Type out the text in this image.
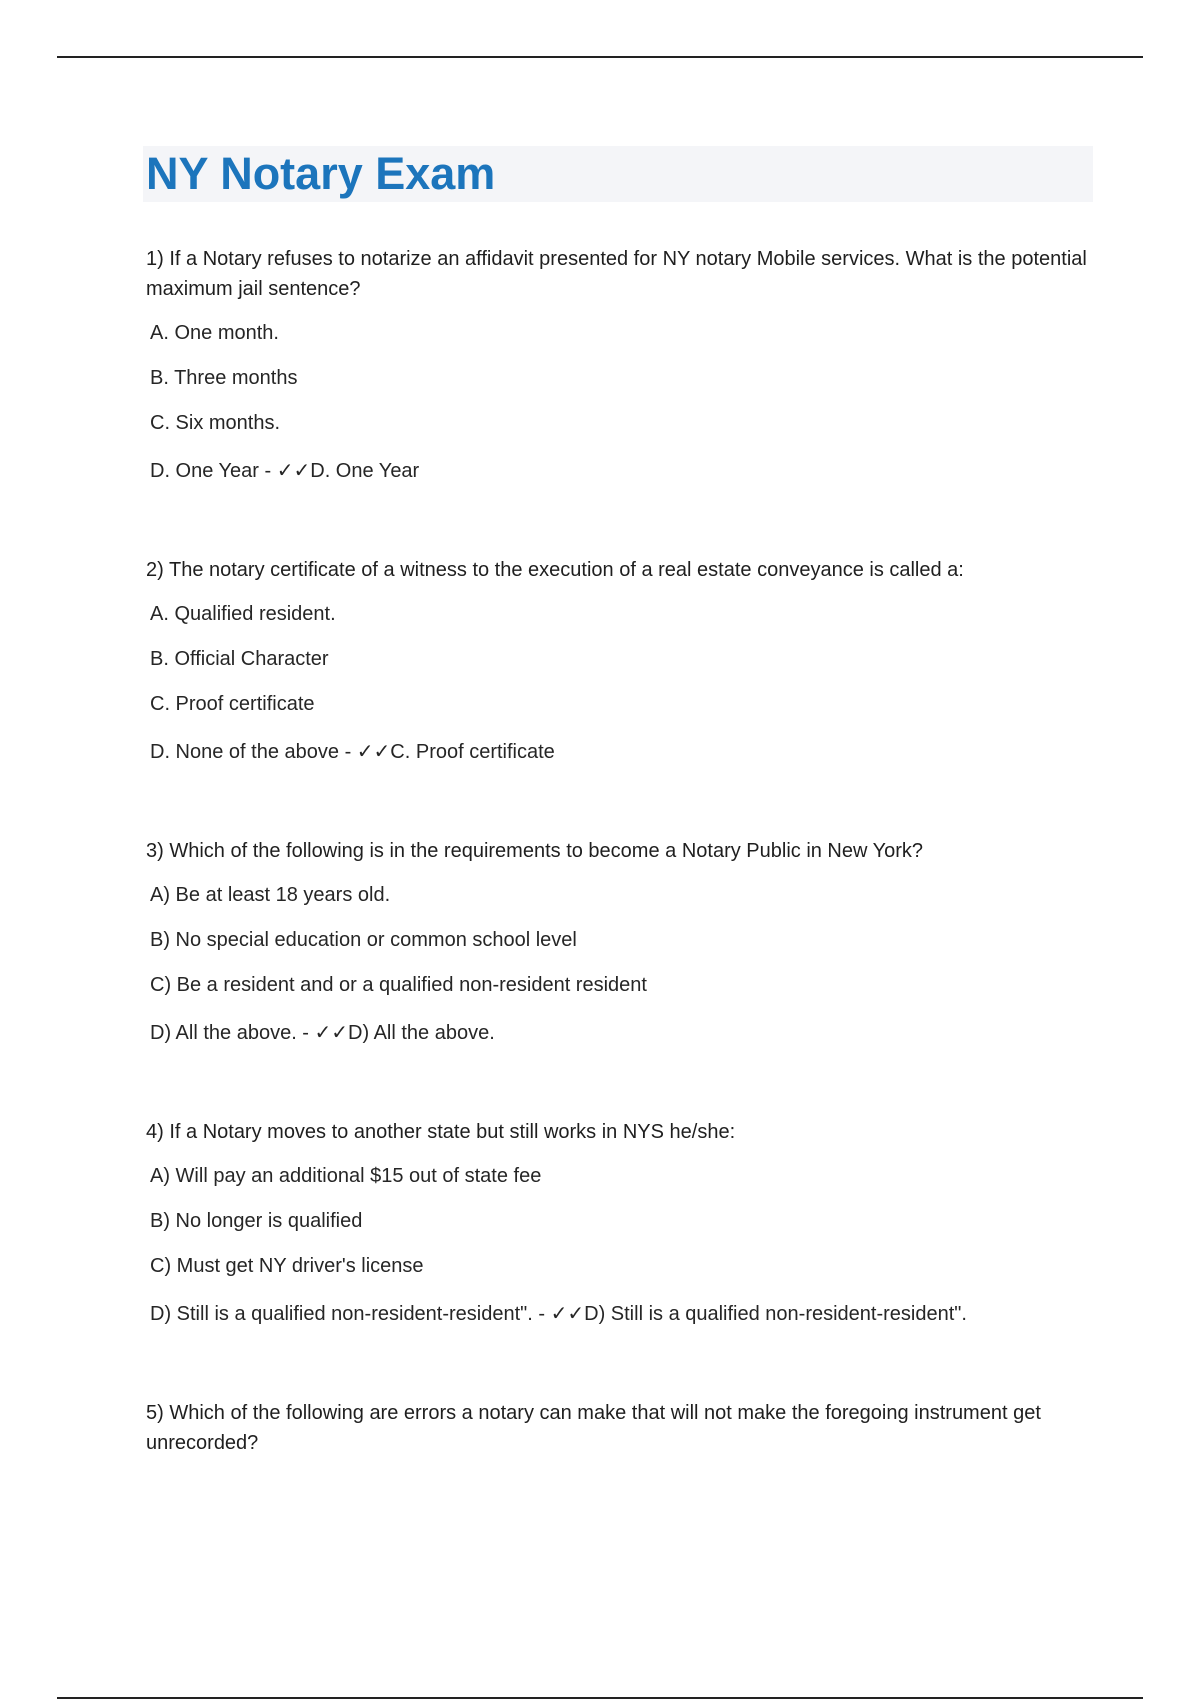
NY Notary Exam

1) If a Notary refuses to notarize an affidavit presented for NY notary Mobile services. What is the potential maximum jail sentence?

A. One month.
B. Three months
C. Six months.
D. One Year - ✓✓D. One Year

2) The notary certificate of a witness to the execution of a real estate conveyance is called a:

A. Qualified resident.
B. Official Character
C. Proof certificate
D. None of the above - ✓✓C. Proof certificate

3) Which of the following is in the requirements to become a Notary Public in New York?

A) Be at least 18 years old.
B) No special education or common school level
C) Be a resident and or a qualified non-resident resident
D) All the above. - ✓✓D) All the above.

4) If a Notary moves to another state but still works in NYS he/she:

A) Will pay an additional $15 out of state fee
B) No longer is qualified
C) Must get NY driver's license
D) Still is a qualified non-resident-resident". - ✓✓D) Still is a qualified non-resident-resident".

5) Which of the following are errors a notary can make that will not make the foregoing instrument get unrecorded?
